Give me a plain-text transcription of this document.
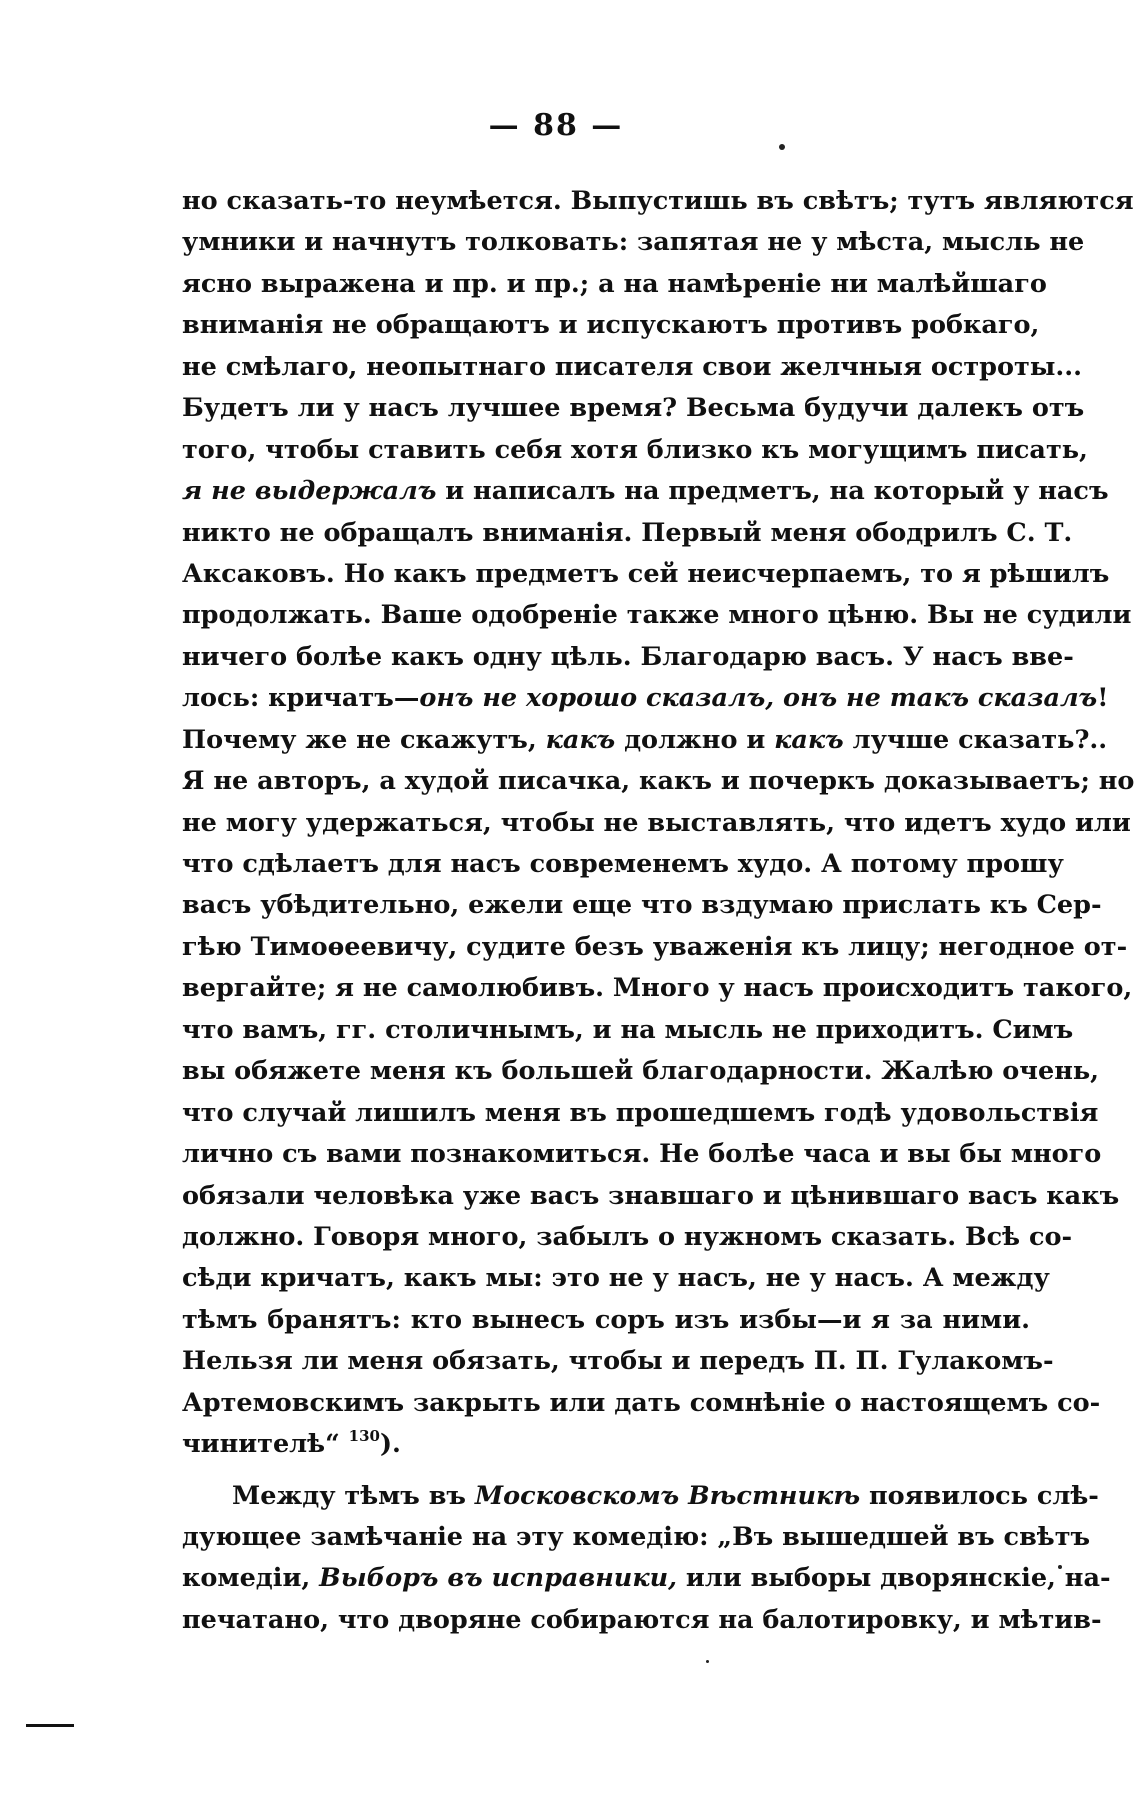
— 88 —
но сказать-то неумѣется. Выпустишь въ свѣтъ; тутъ являются
умники и начнутъ толковать: запятая не у мѣста, мысль не
ясно выражена и пр. и пр.; а на намѣреніе ни малѣйшаго
вниманія не обращаютъ и испускаютъ противъ робкаго,
не смѣлаго, неопытнаго писателя свои желчныя остроты...
Будетъ ли у насъ лучшее время? Весьма будучи далекъ отъ
того, чтобы ставить себя хотя близко къ могущимъ писать,
я не выдержалъ и написалъ на предметъ, на который у насъ
никто не обращалъ вниманія. Первый меня ободрилъ С. Т.
Аксаковъ. Но какъ предметъ сей неисчерпаемъ, то я рѣшилъ
продолжать. Ваше одобреніе также много цѣню. Вы не судили
ничего болѣе какъ одну цѣль. Благодарю васъ. У насъ вве-
лось: кричатъ—онъ не хорошо сказалъ, онъ не такъ сказалъ!
Почему же не скажутъ, какъ должно и какъ лучше сказать?..
Я не авторъ, а худой писачка, какъ и почеркъ доказываетъ; но
не могу удержаться, чтобы не выставлять, что идетъ худо или
что сдѣлаетъ для насъ современемъ худо. А потому прошу
васъ убѣдительно, ежели еще что вздумаю прислать къ Сер-
гѣю Тимоѳеевичу, судите безъ уваженія къ лицу; негодное от-
вергайте; я не самолюбивъ. Много у насъ происходитъ такого,
что вамъ, гг. столичнымъ, и на мысль не приходитъ. Симъ
вы обяжете меня къ большей благодарности. Жалѣю очень,
что случай лишилъ меня въ прошедшемъ годѣ удовольствія
лично съ вами познакомиться. Не болѣе часа и вы бы много
обязали человѣка уже васъ знавшаго и цѣнившаго васъ какъ
должно. Говоря много, забылъ о нужномъ сказать. Всѣ со-
сѣди кричатъ, какъ мы: это не у насъ, не у насъ. А между
тѣмъ бранятъ: кто вынесъ соръ изъ избы—и я за ними.
Нельзя ли меня обязать, чтобы и передъ П. П. Гулакомъ-
Артемовскимъ закрыть или дать сомнѣніе о настоящемъ со-
чинителѣ“ $^{130}$).
Между тѣмъ въ Московскомъ Вѣстникѣ появилось слѣ-
дующее замѣчаніе на эту комедію: „Въ вышедшей въ свѣтъ
комедіи, Выборъ въ исправники, или выборы дворянскіе, на-
печатано, что дворяне собираются на балотировку, и мѣтив-
